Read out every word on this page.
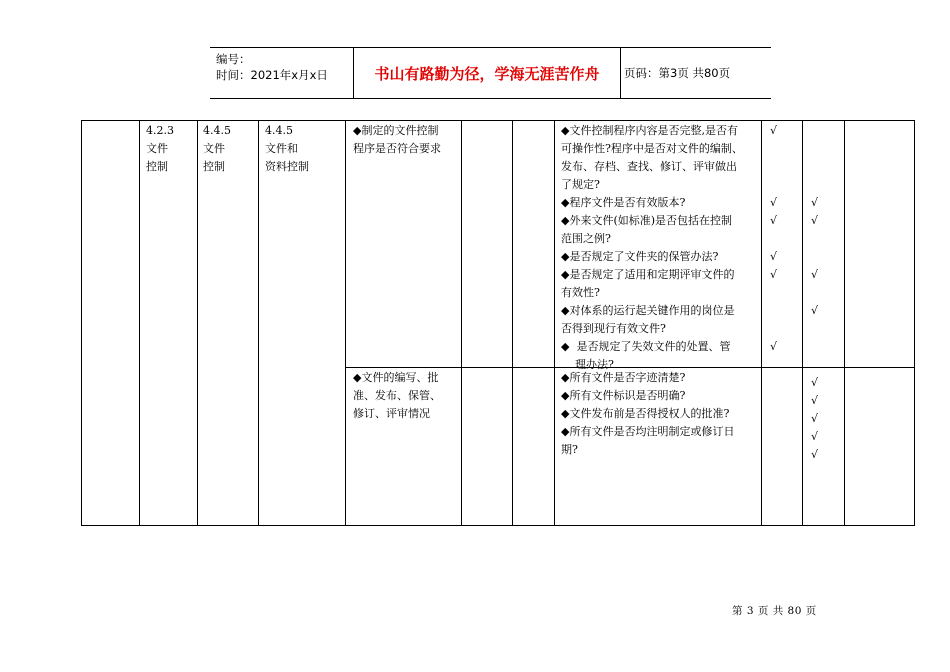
编号：
时间：2021年x月x日	书山有路勤为径，学海无涯苦作舟	页码：第3页 共80页
4.2.3
文件
控制
4.4.5
文件
控制
4.4.5
文件和
资料控制
◆制定的文件控制
程序是否符合要求
◆文件的编写、批
准、发布、保管、
修订、评审情况
◆文件控制程序内容是否完整,是否有
可操作性?程序中是否对文件的编制、
发布、存档、查找、修订、评审做出
了规定?
◆程序文件是否有效版本?
◆外来文件(如标准)是否包括在控制
范围之例?
◆是否规定了文件夹的保管办法?
◆是否规定了适用和定期评审文件的
有效性?
◆对体系的运行起关键作用的岗位是
否得到现行有效文件?
◆  是否规定了失效文件的处置、管
理办法?
◆所有文件是否字迹清楚?
◆所有文件标识是否明确?
◆文件发布前是否得授权人的批准?
◆所有文件是否均注明制定或修订日
期?
√
√
√
√
√
√
√
√
√
√
√
√
√
√
√
第 3 页 共 80 页
